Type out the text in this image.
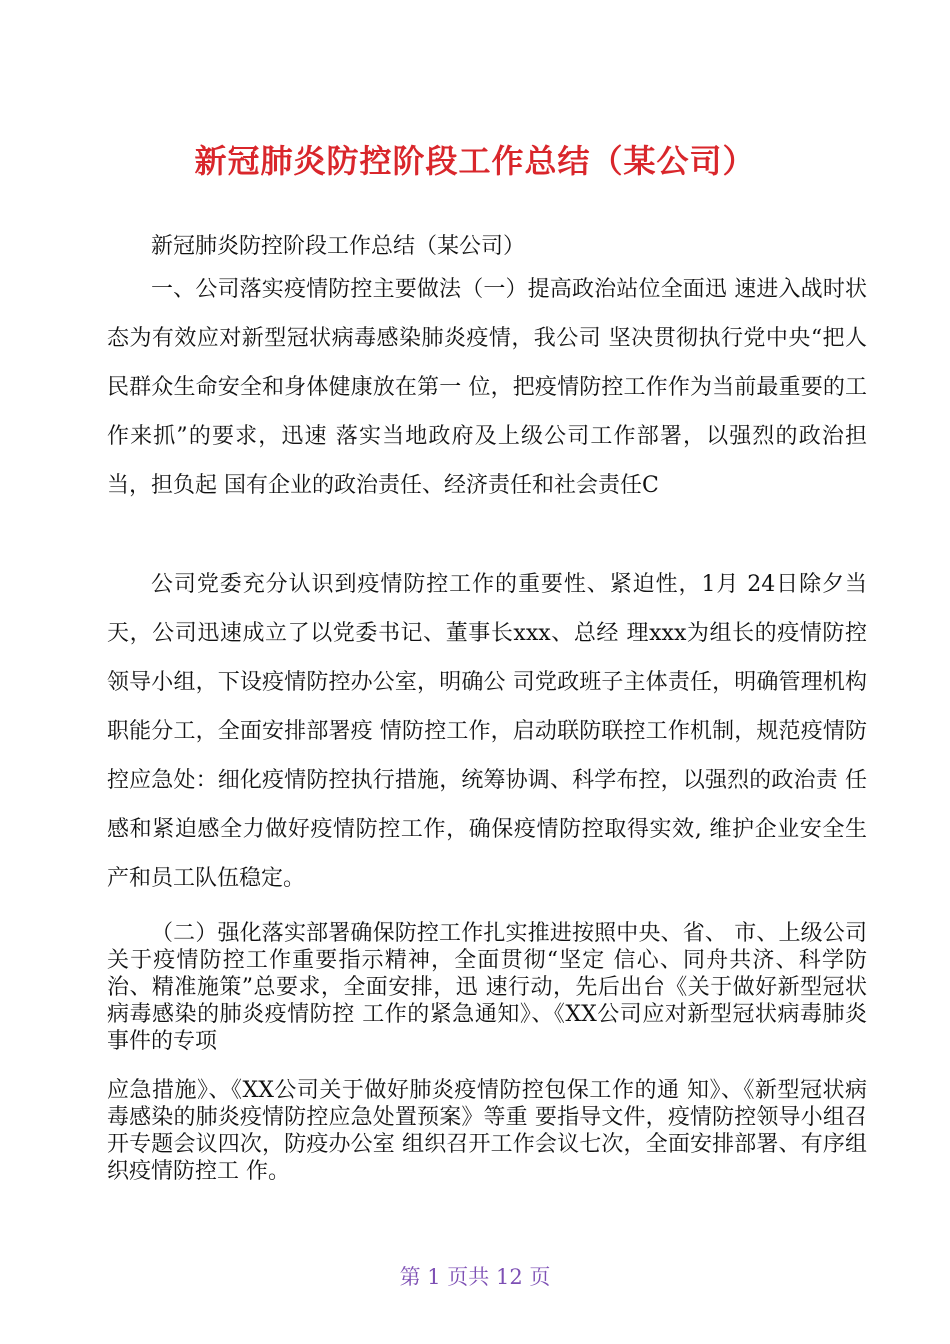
新冠肺炎防控阶段工作总结（某公司）

新冠肺炎防控阶段工作总结（某公司）

一、公司落实疫情防控主要做法（一）提高政治站位全面迅 速进入战时状态为有效应对新型冠状病毒感染肺炎疫情，我公司 坚决贯彻执行党中央“把人民群众生命安全和身体健康放在第一 位，把疫情防控工作作为当前最重要的工作来抓”的要求，迅速 落实当地政府及上级公司工作部署，以强烈的政治担当，担负起 国有企业的政治责任、经济责任和社会责任C

公司党委充分认识到疫情防控工作的重要性、紧迫性，1月 24日除夕当天，公司迅速成立了以党委书记、董事长xxx、总经 理xxx为组长的疫情防控领导小组，下设疫情防控办公室，明确公 司党政班子主体责任，明确管理机构职能分工，全面安排部署疫 情防控工作，启动联防联控工作机制，规范疫情防控应急处：细化疫情防控执行措施，统筹协调、科学布控，以强烈的政治责 任感和紧迫感全力做好疫情防控工作，确保疫情防控取得实效, 维护企业安全生产和员工队伍稳定。

（二）强化落实部署确保防控工作扎实推进按照中央、省、 市、上级公司关于疫情防控工作重要指示精神，全面贯彻“坚定 信心、同舟共济、科学防治、精准施策”总要求，全面安排，迅 速行动，先后出台《关于做好新型冠状病毒感染的肺炎疫情防控 工作的紧急通知》、《XX公司应对新型冠状病毒肺炎事件的专项

应急措施》、《XX公司关于做好肺炎疫情防控包保工作的通 知》、《新型冠状病毒感染的肺炎疫情防控应急处置预案》等重 要指导文件，疫情防控领导小组召开专题会议四次，防疫办公室 组织召开工作会议七次，全面安排部署、有序组织疫情防控工 作。

第 1 页共 12 页
